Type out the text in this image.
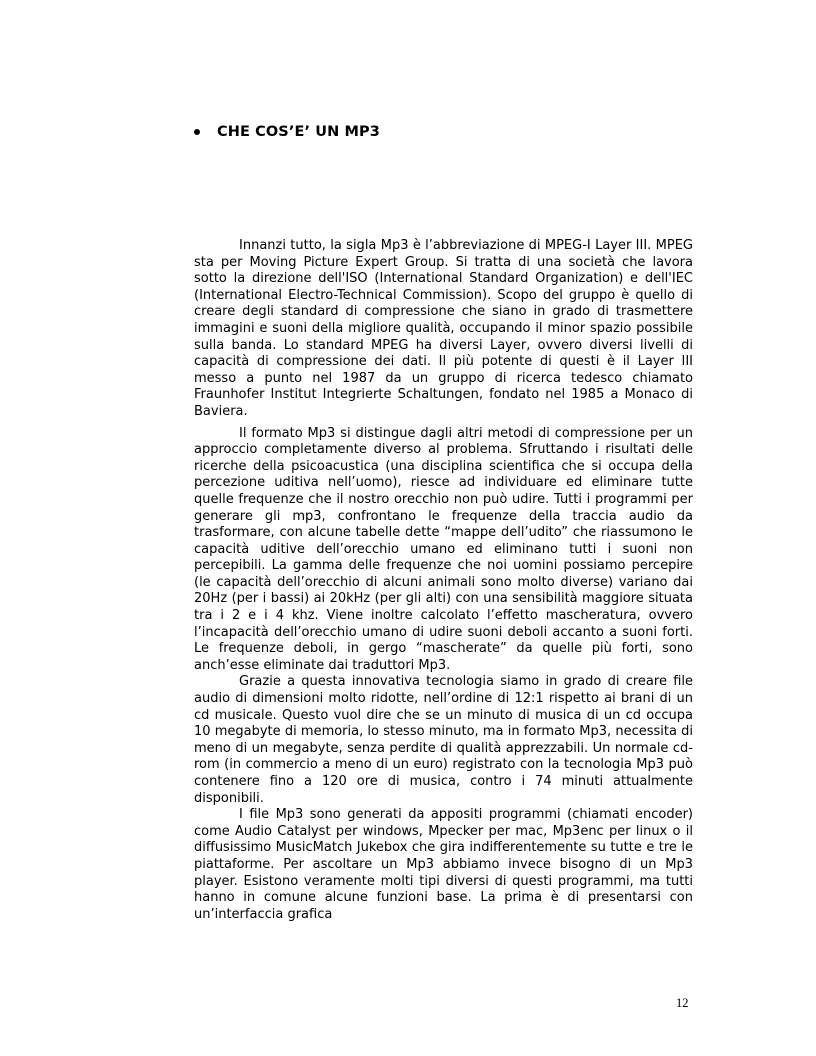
CHE COS’E’ UN MP3

Innanzi tutto, la sigla Mp3 è l’abbreviazione di MPEG-I Layer III. MPEG sta per Moving Picture Expert Group. Si tratta di una società che lavora sotto la direzione dell'ISO (International Standard Organization) e dell'IEC (International Electro-Technical Commission). Scopo del gruppo è quello di creare degli standard di compressione che siano in grado di trasmettere immagini e suoni della migliore qualità, occupando il minor spazio possibile sulla banda. Lo standard MPEG ha diversi Layer, ovvero diversi livelli di capacità di compressione dei dati. Il più potente di questi è il Layer III messo a punto nel 1987 da un gruppo di ricerca tedesco chiamato Fraunhofer Institut Integrierte Schaltungen, fondato nel 1985 a Monaco di Baviera.

Il formato Mp3 si distingue dagli altri metodi di compressione per un approccio completamente diverso al problema. Sfruttando i risultati delle ricerche della psicoacustica (una disciplina scientifica che si occupa della percezione uditiva nell’uomo), riesce ad individuare ed eliminare tutte quelle frequenze che il nostro orecchio non può udire. Tutti i programmi per generare gli mp3, confrontano le frequenze della traccia audio da trasformare, con alcune tabelle dette “mappe dell’udito” che riassumono le capacità uditive dell’orecchio umano ed eliminano tutti i suoni non percepibili. La gamma delle frequenze che noi uomini possiamo percepire (le capacità dell’orecchio di alcuni animali sono molto diverse) variano dai 20Hz (per i bassi) ai 20kHz (per gli alti) con una sensibilità maggiore situata tra i 2 e i 4 khz. Viene inoltre calcolato l’effetto mascheratura, ovvero l’incapacità dell’orecchio umano di udire suoni deboli accanto a suoni forti. Le frequenze deboli, in gergo “mascherate” da quelle più forti, sono anch’esse eliminate dai traduttori Mp3.

Grazie a questa innovativa tecnologia siamo in grado di creare file audio di dimensioni molto ridotte, nell’ordine di 12:1 rispetto ai brani di un cd musicale. Questo vuol dire che se un minuto di musica di un cd occupa 10 megabyte di memoria, lo stesso minuto, ma in formato Mp3, necessita di meno di un megabyte, senza perdite di qualità apprezzabili. Un normale cd-rom (in commercio a meno di un euro) registrato con la tecnologia Mp3 può contenere fino a 120 ore di musica, contro i 74 minuti attualmente disponibili.

I file Mp3 sono generati da appositi programmi (chiamati encoder) come Audio Catalyst per windows, Mpecker per mac, Mp3enc per linux o il diffusissimo MusicMatch Jukebox che gira indifferentemente su tutte e tre le piattaforme. Per ascoltare un Mp3 abbiamo invece bisogno di un Mp3 player. Esistono veramente molti tipi diversi di questi programmi, ma tutti hanno in comune alcune funzioni base. La prima è di presentarsi con un’interfaccia grafica

12
